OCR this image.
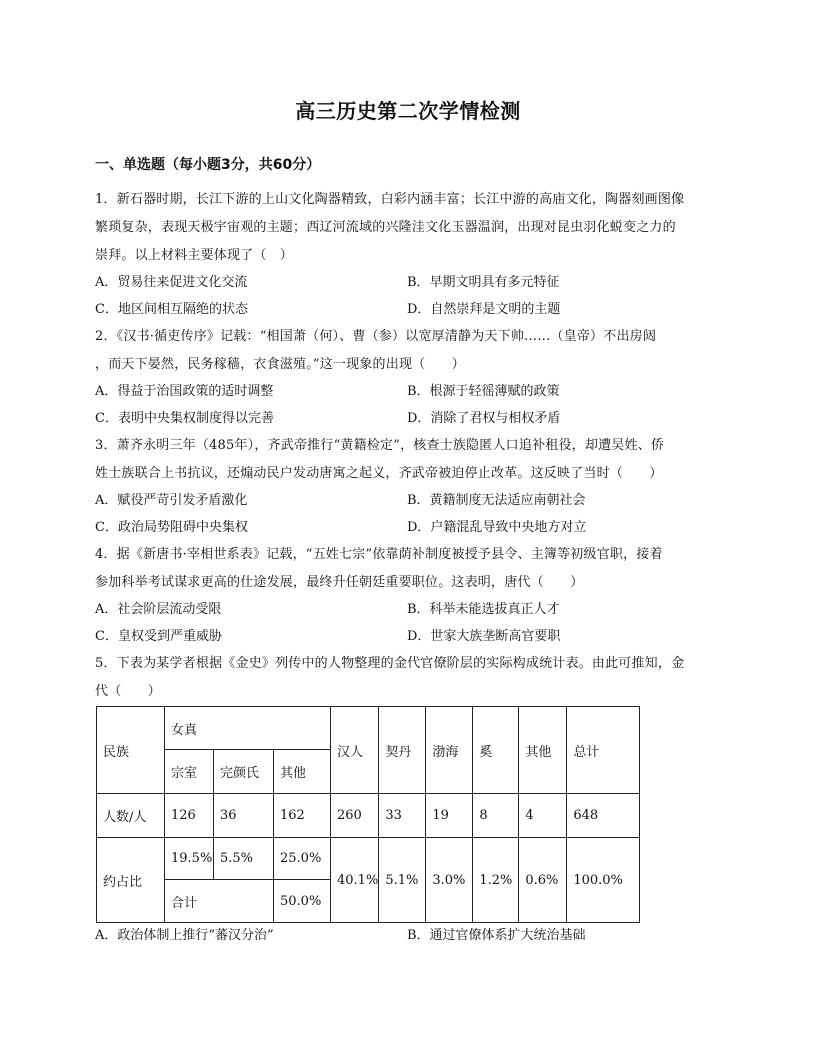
高三历史第二次学情检测
一、单选题（每小题3分，共60分）
1．新石器时期，长江下游的上山文化陶器精致，白彩内涵丰富；长江中游的高庙文化，陶器刻画图像
繁琐复杂，表现天极宇宙观的主题；西辽河流域的兴隆洼文化玉器温润，出现对昆虫羽化蜕变之力的
崇拜。以上材料主要体现了（　）
A．贸易往来促进文化交流	B．早期文明具有多元特征
C．地区间相互隔绝的状态	D．自然崇拜是文明的主题
2．《汉书·循吏传序》记载：“相国萧（何）、曹（参）以宽厚清静为天下帅……（皇帝）不出房闼
，而天下晏然，民务稼穑，衣食滋殖。”这一现象的出现（　　）
A．得益于治国政策的适时调整	B．根源于轻徭薄赋的政策
C．表明中央集权制度得以完善	D．消除了君权与相权矛盾
3．萧齐永明三年（485年），齐武帝推行“黄籍检定”，核查士族隐匿人口追补租役，却遭吴姓、侨
姓士族联合上书抗议，还煽动民户发动唐寓之起义，齐武帝被迫停止改革。这反映了当时（　　）
A．赋役严苛引发矛盾激化	B．黄籍制度无法适应南朝社会
C．政治局势阻碍中央集权	D．户籍混乱导致中央地方对立
4．据《新唐书·宰相世系表》记载，“五姓七宗”依靠荫补制度被授予县令、主簿等初级官职，接着
参加科举考试谋求更高的仕途发展，最终升任朝廷重要职位。这表明，唐代（　　）
A．社会阶层流动受限	B．科举未能选拔真正人才
C．皇权受到严重威胁	D．世家大族垄断高官要职
5．下表为某学者根据《金史》列传中的人物整理的金代官僚阶层的实际构成统计表。由此可推知，金
代（　　）
民族	女真			汉人	契丹	渤海	奚	其他	总计
	宗室	完颜氏	其他						
人数/人	126	36	162	260	33	19	8	4	648
约占比	19.5%	5.5%	25.0%	40.1%	5.1%	3.0%	1.2%	0.6%	100.0%
	合计		50.0%						
A．政治体制上推行“蕃汉分治”	B．通过官僚体系扩大统治基础
